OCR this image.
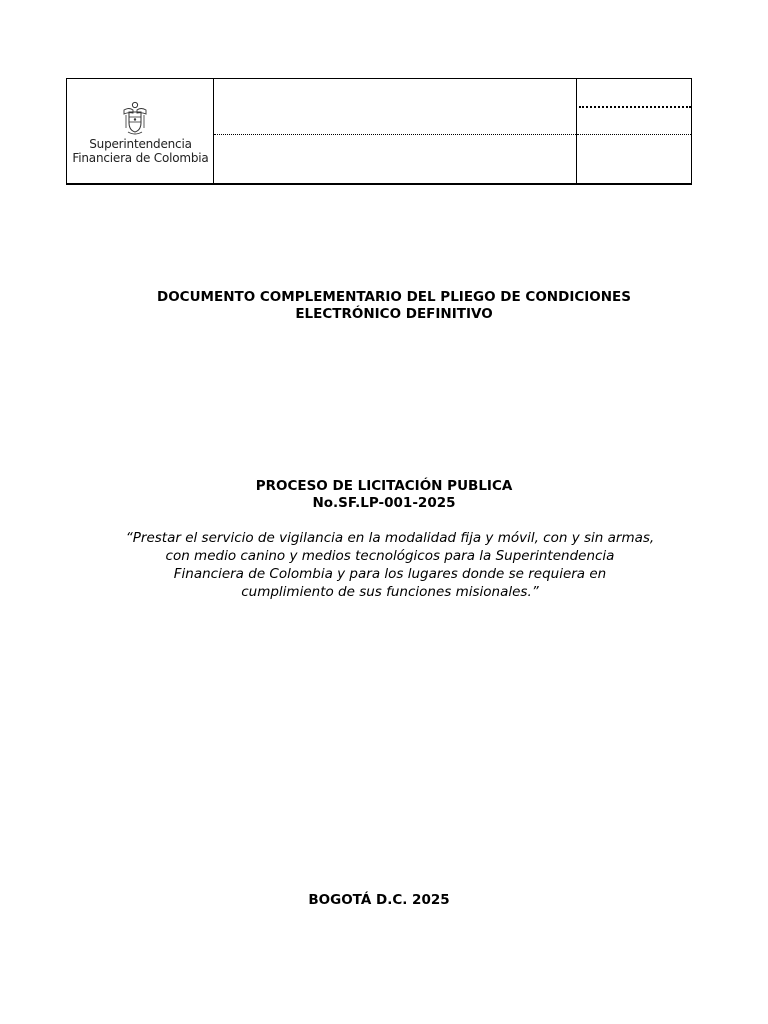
Superintendencia
Financiera de Colombia
DOCUMENTO COMPLEMENTARIO DEL PLIEGO DE CONDICIONES
ELECTRÓNICO DEFINITIVO
PROCESO DE LICITACIÓN PUBLICA
No.SF.LP-001-2025
“Prestar el servicio de vigilancia en la modalidad fija y móvil, con y sin armas,
con medio canino y medios tecnológicos para la Superintendencia
Financiera de Colombia y para los lugares donde se requiera en
cumplimiento de sus funciones misionales.”
BOGOTÁ D.C. 2025
